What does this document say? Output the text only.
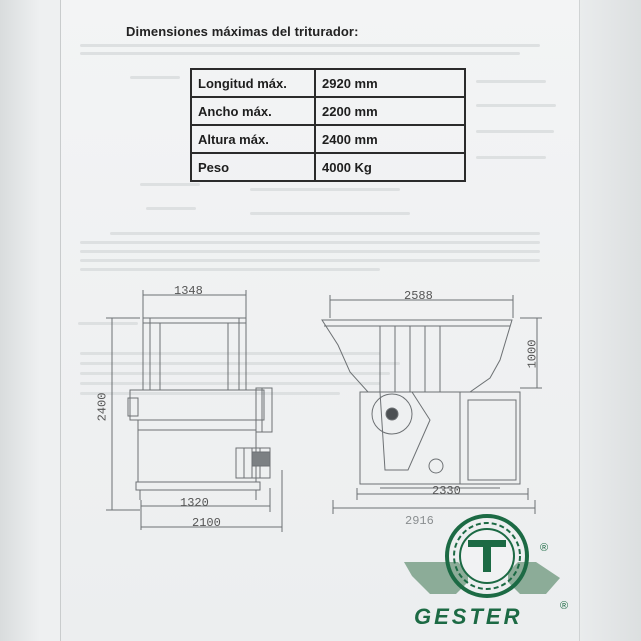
Dimensiones máximas del triturador:
Longitud máx.	2920 mm
Ancho máx.	2200 mm
Altura máx.	2400 mm
Peso	4000 Kg
1348
2400
1320
2100
2588
1000
2330
2916
GESTER
®
®
